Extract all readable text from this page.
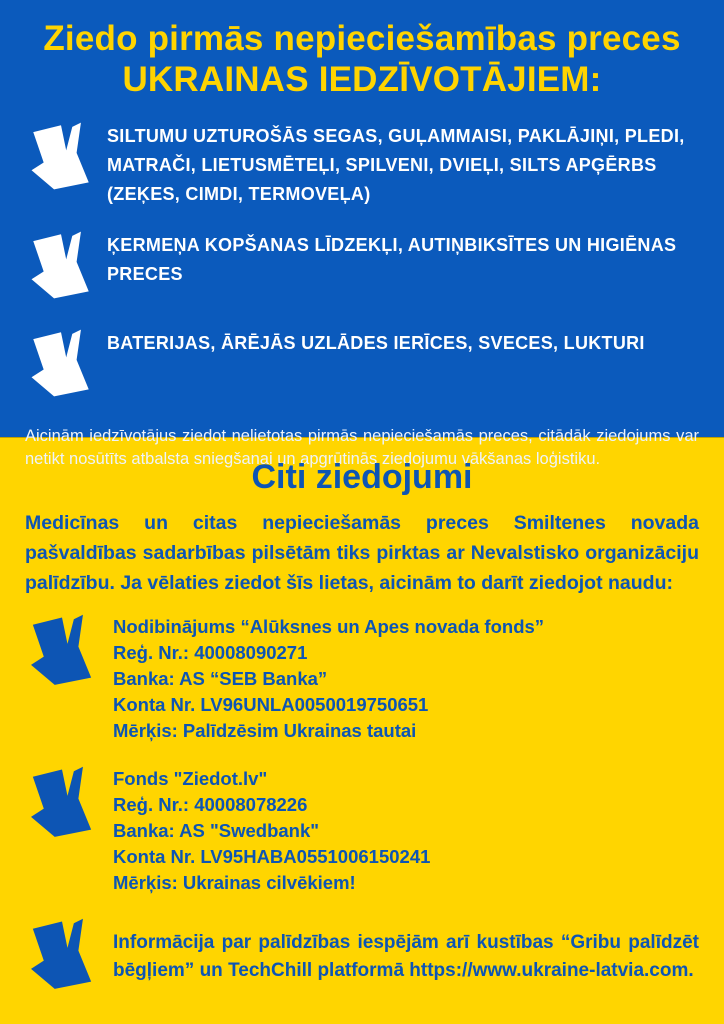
Ziedo pirmās nepieciešamības preces
UKRAINAS IEDZĪVOTĀJIEM:

SILTUMU UZTUROŠĀS SEGAS, GUĻAMMAISI, PAKLĀJIŅI, PLEDI, MATRAČI, LIETUSMĒTEĻI, SPILVENI, DVIEĻI, SILTS APĢĒRBS (ZEĶES, CIMDI, TERMOVEĻA)

ĶERMEŅA KOPŠANAS LĪDZEKĻI, AUTIŅBIKSĪTES UN HIGIĒNAS PRECES

BATERIJAS, ĀRĒJĀS UZLĀDES IERĪCES, SVECES, LUKTURI

Aicinām iedzīvotājus ziedot nelietotas pirmās nepieciešamās preces, citādāk ziedojums var netikt nosūtīts atbalsta sniegšanai un apgrūtinās ziedojumu vākšanas loģistiku.

Citi ziedojumi

Medicīnas un citas nepieciešamās preces Smiltenes novada pašvaldības sadarbības pilsētām tiks pirktas ar Nevalstisko organizāciju palīdzību. Ja vēlaties ziedot šīs lietas, aicinām to darīt ziedojot naudu:

Nodibinājums “Alūksnes un Apes novada fonds”
Reģ. Nr.: 40008090271
Banka: AS “SEB Banka”
Konta Nr. LV96UNLA0050019750651
Mērķis: Palīdzēsim Ukrainas tautai
Fonds "Ziedot.lv"
Reģ. Nr.: 40008078226
Banka: AS "Swedbank"
Konta Nr. LV95HABA0551006150241
Mērķis: Ukrainas cilvēkiem!

Informācija par palīdzības iespējām arī kustības “Gribu palīdzēt bēgļiem” un TechChill platformā https://www.ukraine-latvia.com.
